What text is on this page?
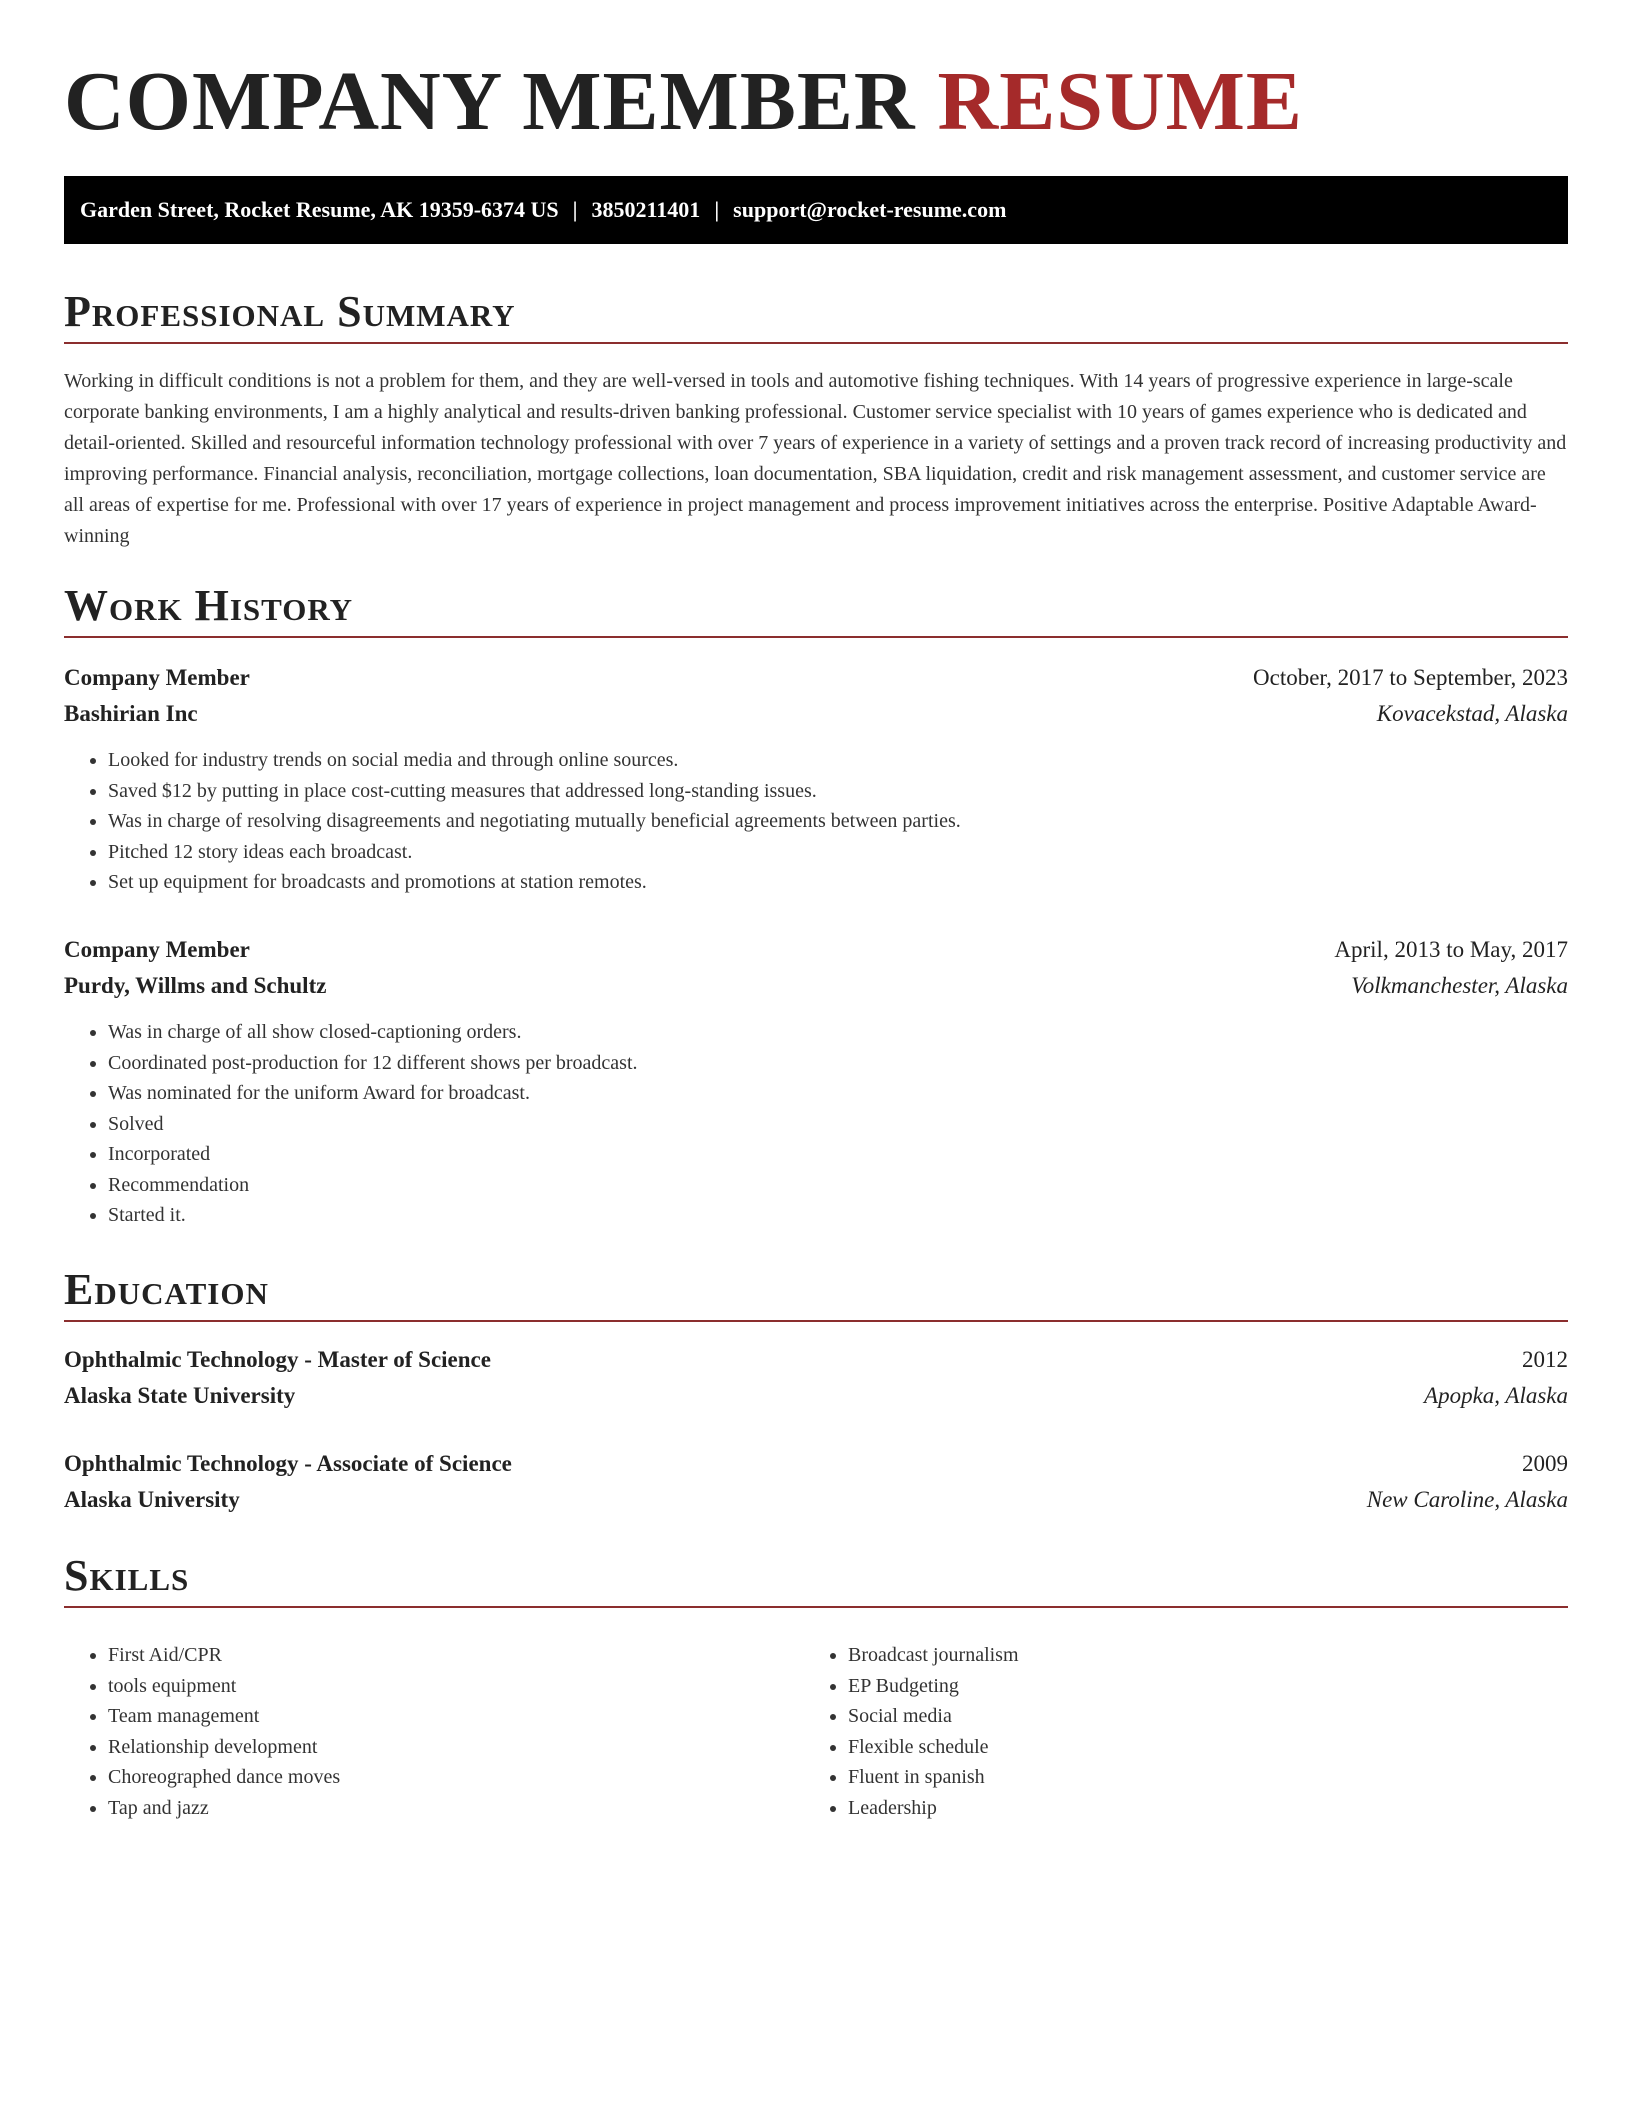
COMPANY MEMBER RESUME
Garden Street, Rocket Resume, AK 19359-6374 US | 3850211401 | support@rocket-resume.com
Professional Summary

Working in difficult conditions is not a problem for them, and they are well-versed in tools and automotive fishing techniques. With 14 years of progressive experience in large-scale corporate banking environments, I am a highly analytical and results-driven banking professional. Customer service specialist with 10 years of games experience who is dedicated and detail-oriented. Skilled and resourceful information technology professional with over 7 years of experience in a variety of settings and a proven track record of increasing productivity and improving performance. Financial analysis, reconciliation, mortgage collections, loan documentation, SBA liquidation, credit and risk management assessment, and customer service are all areas of expertise for me. Professional with over 17 years of experience in project management and process improvement initiatives across the enterprise. Positive Adaptable Award-winning

Work History
Company Member	October, 2017 to September, 2023
Bashirian Inc	Kovacekstad, Alaska
• Looked for industry trends on social media and through online sources.
• Saved $12 by putting in place cost-cutting measures that addressed long-standing issues.
• Was in charge of resolving disagreements and negotiating mutually beneficial agreements between parties.
• Pitched 12 story ideas each broadcast.
• Set up equipment for broadcasts and promotions at station remotes.
Company Member	April, 2013 to May, 2017
Purdy, Willms and Schultz	Volkmanchester, Alaska
• Was in charge of all show closed-captioning orders.
• Coordinated post-production for 12 different shows per broadcast.
• Was nominated for the uniform Award for broadcast.
• Solved
• Incorporated
• Recommendation
• Started it.
Education
Ophthalmic Technology - Master of Science	2012
Alaska State University	Apopka, Alaska
Ophthalmic Technology - Associate of Science	2009
Alaska University	New Caroline, Alaska
Skills
• First Aid/CPR
• tools equipment
• Team management
• Relationship development
• Choreographed dance moves
• Tap and jazz
• Broadcast journalism
• EP Budgeting
• Social media
• Flexible schedule
• Fluent in spanish
• Leadership
